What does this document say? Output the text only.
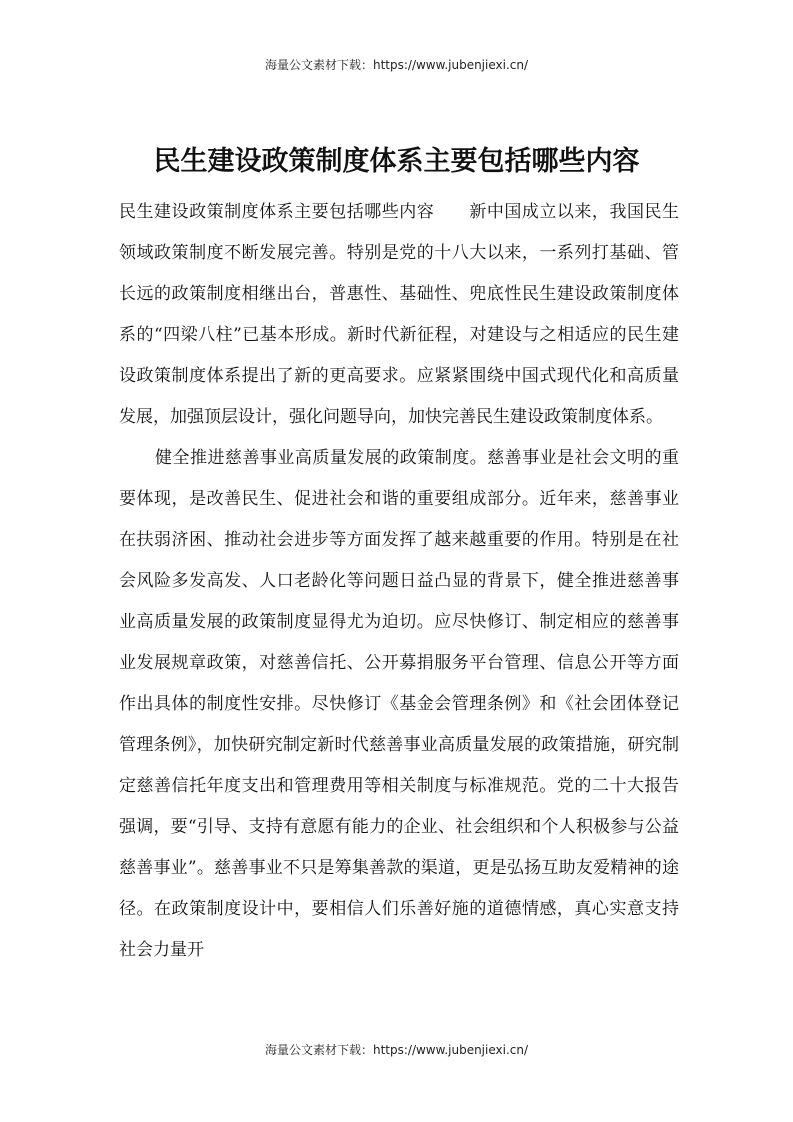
海量公文素材下载：https://www.jubenjiexi.cn/
民生建设政策制度体系主要包括哪些内容

民生建设政策制度体系主要包括哪些内容　　新中国成立以来，我国民生领域政策制度不断发展完善。特别是党的十八大以来，一系列打基础、管长远的政策制度相继出台，普惠性、基础性、兜底性民生建设政策制度体系的“四梁八柱”已基本形成。新时代新征程，对建设与之相适应的民生建设政策制度体系提出了新的更高要求。应紧紧围绕中国式现代化和高质量发展，加强顶层设计，强化问题导向，加快完善民生建设政策制度体系。

健全推进慈善事业高质量发展的政策制度。慈善事业是社会文明的重要体现，是改善民生、促进社会和谐的重要组成部分。近年来，慈善事业在扶弱济困、推动社会进步等方面发挥了越来越重要的作用。特别是在社会风险多发高发、人口老龄化等问题日益凸显的背景下，健全推进慈善事业高质量发展的政策制度显得尤为迫切。应尽快修订、制定相应的慈善事业发展规章政策，对慈善信托、公开募捐服务平台管理、信息公开等方面作出具体的制度性安排。尽快修订《基金会管理条例》和《社会团体登记管理条例》，加快研究制定新时代慈善事业高质量发展的政策措施，研究制定慈善信托年度支出和管理费用等相关制度与标准规范。党的二十大报告强调，要“引导、支持有意愿有能力的企业、社会组织和个人积极参与公益慈善事业”。慈善事业不只是筹集善款的渠道，更是弘扬互助友爱精神的途径。在政策制度设计中，要相信人们乐善好施的道德情感，真心实意支持社会力量开

海量公文素材下载：https://www.jubenjiexi.cn/
